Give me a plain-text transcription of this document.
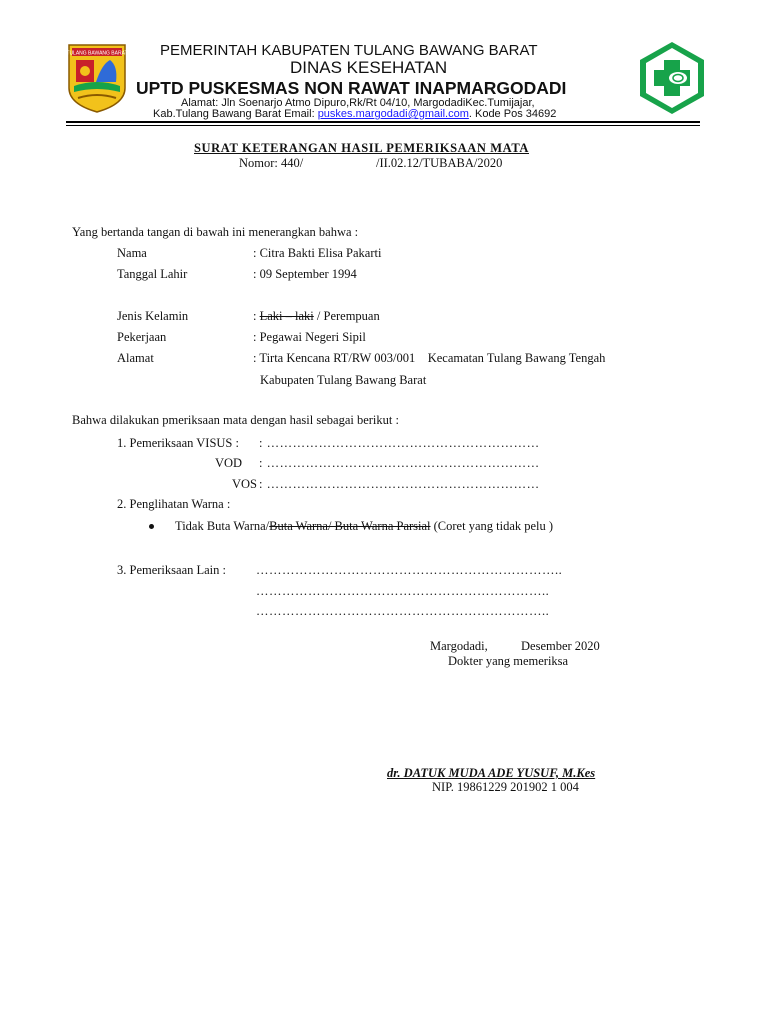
TULANG BAWANG BARAT PEMERINTAH KABUPATEN TULANG BAWANG BARAT
DINAS KESEHATAN
UPTD PUSKESMAS NON RAWAT INAPMARGODADI
Alamat: Jln Soenarjo Atmo Dipuro,Rk/Rt 04/10, MargodadiKec.Tumijajar,
Kab.Tulang Bawang Barat Email: puskes.margodadi@gmail.com. Kode Pos 34692
SURAT KETERANGAN HASIL PEMERIKSAAN MATA
Nomor: 440/	/II.02.12/TUBABA/2020
Yang bertanda tangan di bawah ini menerangkan bahwa :
Nama	: Citra Bakti Elisa Pakarti
Tanggal Lahir	: 09 September 1994
Jenis Kelamin	: Laki – laki / Perempuan
Pekerjaan	: Pegawai Negeri Sipil
Alamat	: Tirta Kencana RT/RW 003/001    Kecamatan Tulang Bawang Tengah
Kabupaten Tulang Bawang Barat
Bahwa dilakukan pmeriksaan mata dengan hasil sebagai berikut :
1. Pemeriksaan VISUS : : ………………………………………………………
VOD : ………………………………………………………
VOS : ………………………………………………………
2. Penglihatan Warna :
Tidak Buta Warna/Buta Warna/ Buta Warna Parsial (Coret yang tidak pelu )
3. Pemeriksaan Lain : ……………………………………………………………..
…………………………………………………………..
…………………………………………………………..
Margodadi,	Desember 2020
Dokter yang memeriksa
dr. DATUK MUDA ADE YUSUF, M.Kes
NIP. 19861229 201902 1 004
